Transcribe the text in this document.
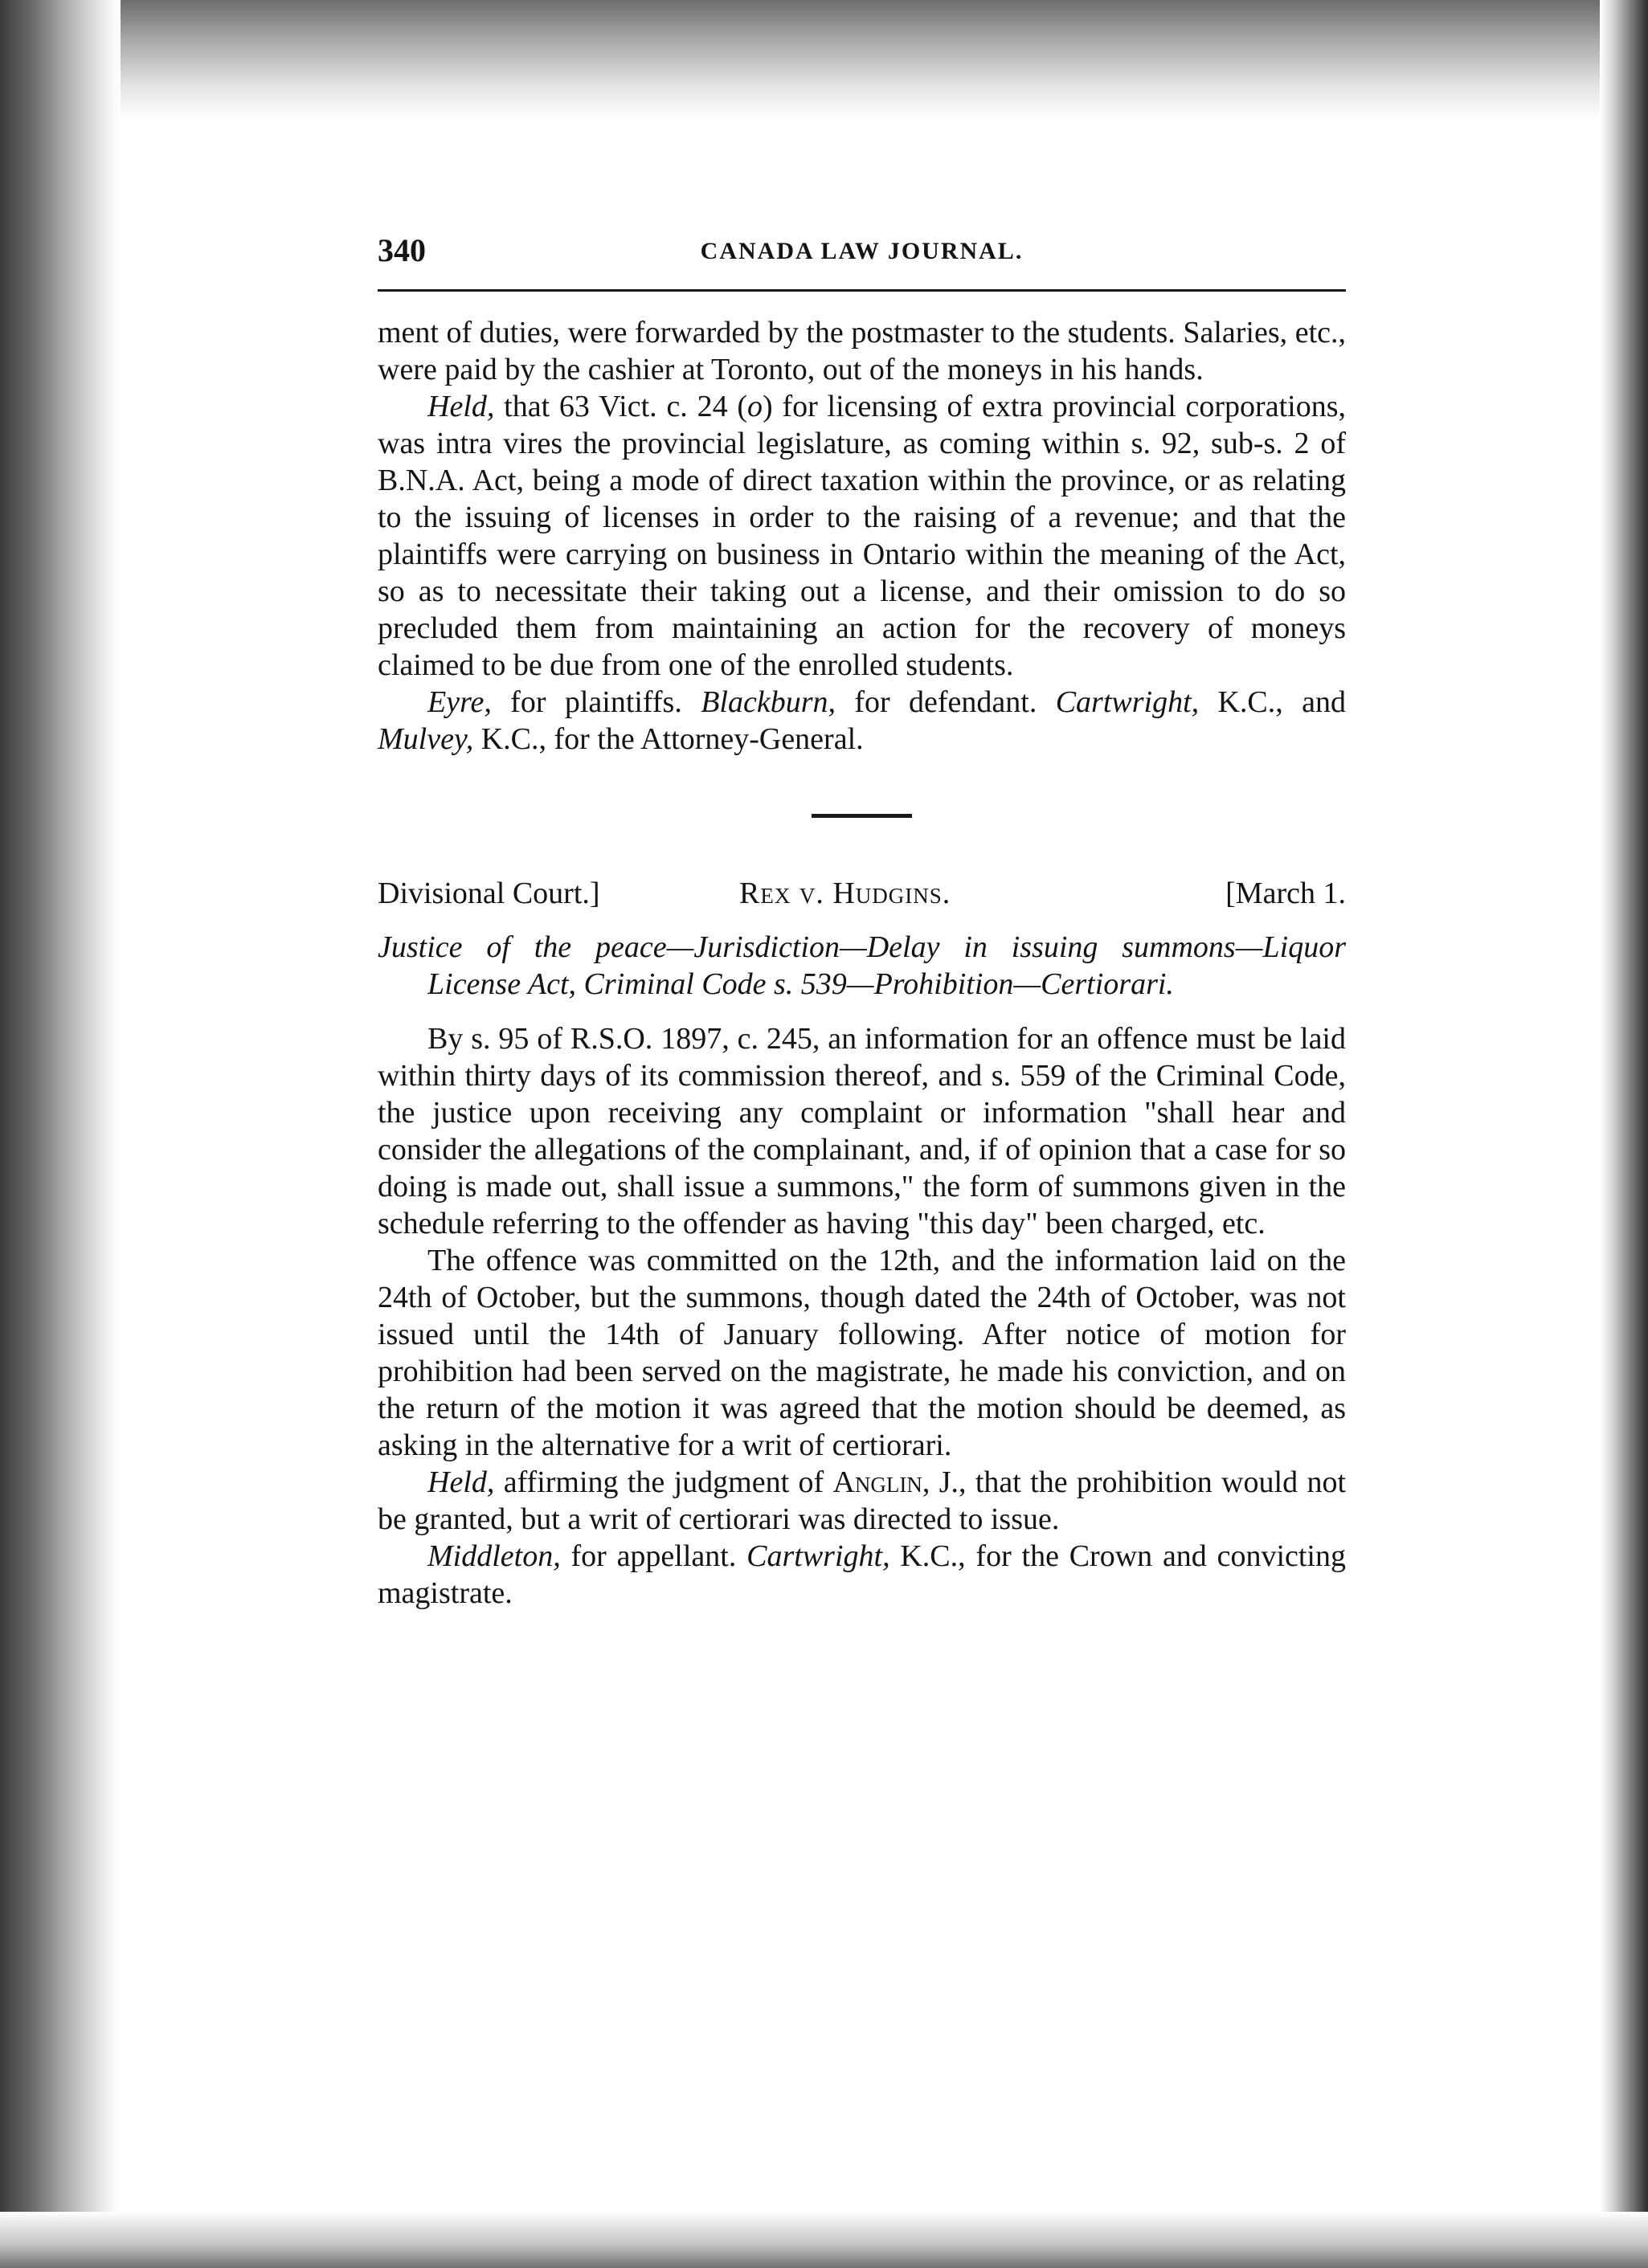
340	CANADA LAW JOURNAL.

ment of duties, were forwarded by the postmaster to the students. Salaries, etc., were paid by the cashier at Toronto, out of the moneys in his hands.

Held, that 63 Vict. c. 24 (o) for licensing of extra provincial corporations, was intra vires the provincial legislature, as coming within s. 92, sub-s. 2 of B.N.A. Act, being a mode of direct taxation within the province, or as relating to the issuing of licenses in order to the raising of a revenue; and that the plaintiffs were carrying on business in Ontario within the meaning of the Act, so as to necessitate their taking out a license, and their omission to do so precluded them from maintaining an action for the recovery of moneys claimed to be due from one of the enrolled students.

Eyre, for plaintiffs. Blackburn, for defendant. Cartwright, K.C., and Mulvey, K.C., for the Attorney-General.

Divisional Court.]	Rex v. Hudgins.	[March 1.
Justice of the peace—Jurisdiction—Delay in issuing summons—Liquor License Act, Criminal Code s. 539—Prohibition—Certiorari.

By s. 95 of R.S.O. 1897, c. 245, an information for an offence must be laid within thirty days of its commission thereof, and s. 559 of the Criminal Code, the justice upon receiving any complaint or information "shall hear and consider the allegations of the complainant, and, if of opinion that a case for so doing is made out, shall issue a summons," the form of summons given in the schedule referring to the offender as having "this day" been charged, etc.

The offence was committed on the 12th, and the information laid on the 24th of October, but the summons, though dated the 24th of October, was not issued until the 14th of January following. After notice of motion for prohibition had been served on the magistrate, he made his conviction, and on the return of the motion it was agreed that the motion should be deemed, as asking in the alternative for a writ of certiorari.

Held, affirming the judgment of Anglin, J., that the prohibition would not be granted, but a writ of certiorari was directed to issue.

Middleton, for appellant. Cartwright, K.C., for the Crown and convicting magistrate.
